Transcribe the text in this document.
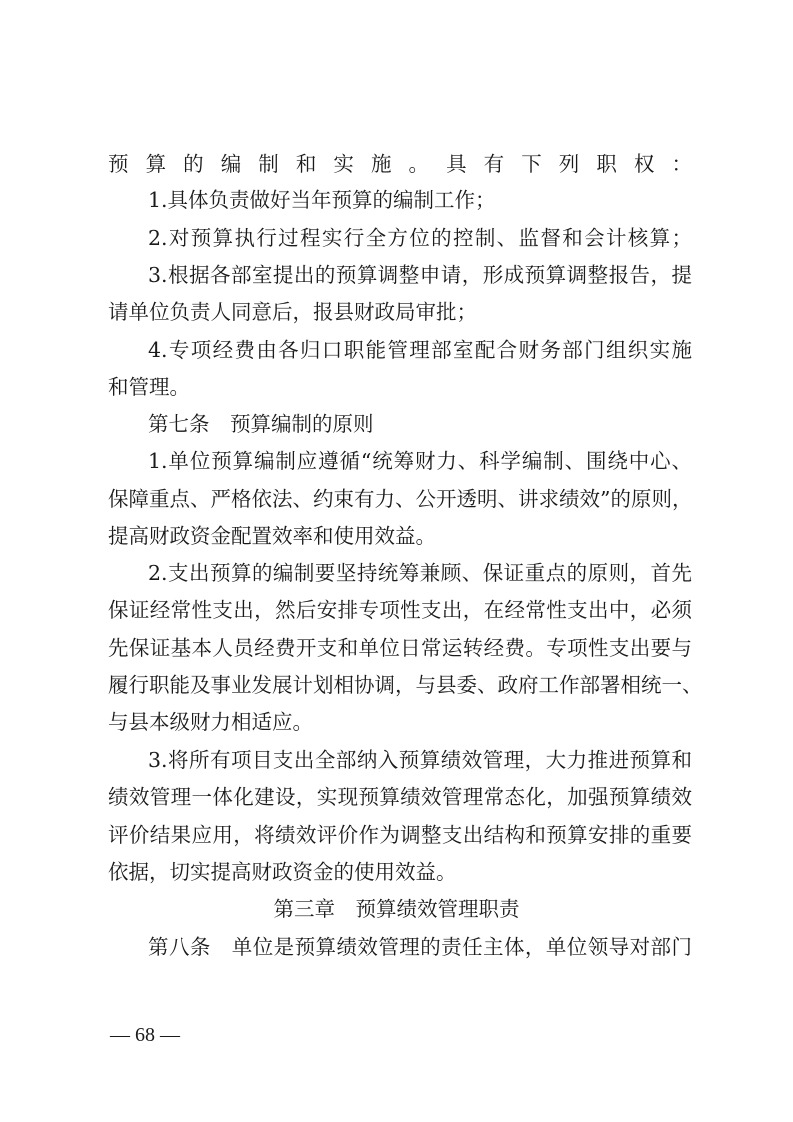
预算的编制和实施。具有下列职权：
1.具体负责做好当年预算的编制工作；
2.对预算执行过程实行全方位的控制、监督和会计核算；
3.根据各部室提出的预算调整申请，形成预算调整报告，提
请单位负责人同意后，报县财政局审批；
4.专项经费由各归口职能管理部室配合财务部门组织实施
和管理。
第七条　预算编制的原则
1.单位预算编制应遵循“统筹财力、科学编制、围绕中心、
保障重点、严格依法、约束有力、公开透明、讲求绩效”的原则，
提高财政资金配置效率和使用效益。
2.支出预算的编制要坚持统筹兼顾、保证重点的原则，首先
保证经常性支出，然后安排专项性支出，在经常性支出中，必须
先保证基本人员经费开支和单位日常运转经费。专项性支出要与
履行职能及事业发展计划相协调，与县委、政府工作部署相统一、
与县本级财力相适应。
3.将所有项目支出全部纳入预算绩效管理，大力推进预算和
绩效管理一体化建设，实现预算绩效管理常态化，加强预算绩效
评价结果应用，将绩效评价作为调整支出结构和预算安排的重要
依据，切实提高财政资金的使用效益。
第三章　预算绩效管理职责
第八条　单位是预算绩效管理的责任主体，单位领导对部门
— 68 —
